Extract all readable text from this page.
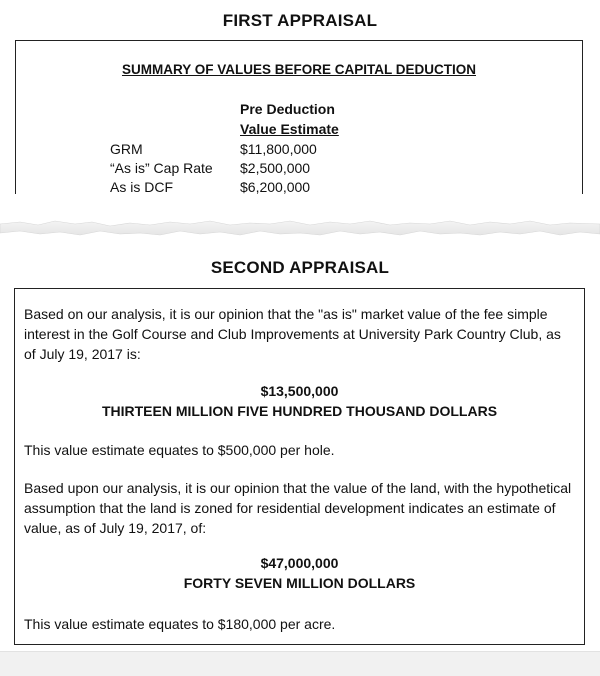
FIRST APPRAISAL
SUMMARY OF VALUES BEFORE CAPITAL DEDUCTION
Pre Deduction
Value Estimate
GRM	$11,800,000
“As is” Cap Rate $2,500,000
As is DCF	$6,200,000
SECOND APPRAISAL

Based on our analysis, it is our opinion that the "as is" market value of the fee simple interest in the Golf Course and Club Improvements at University Park Country Club, as of July 19, 2017 is:

$13,500,000
THIRTEEN MILLION FIVE HUNDRED THOUSAND DOLLARS

This value estimate equates to $500,000 per hole.

Based upon our analysis, it is our opinion that the value of the land, with the hypothetical assumption that the land is zoned for residential development indicates an estimate of value, as of July 19, 2017, of:

$47,000,000
FORTY SEVEN MILLION DOLLARS

This value estimate equates to $180,000 per acre.
